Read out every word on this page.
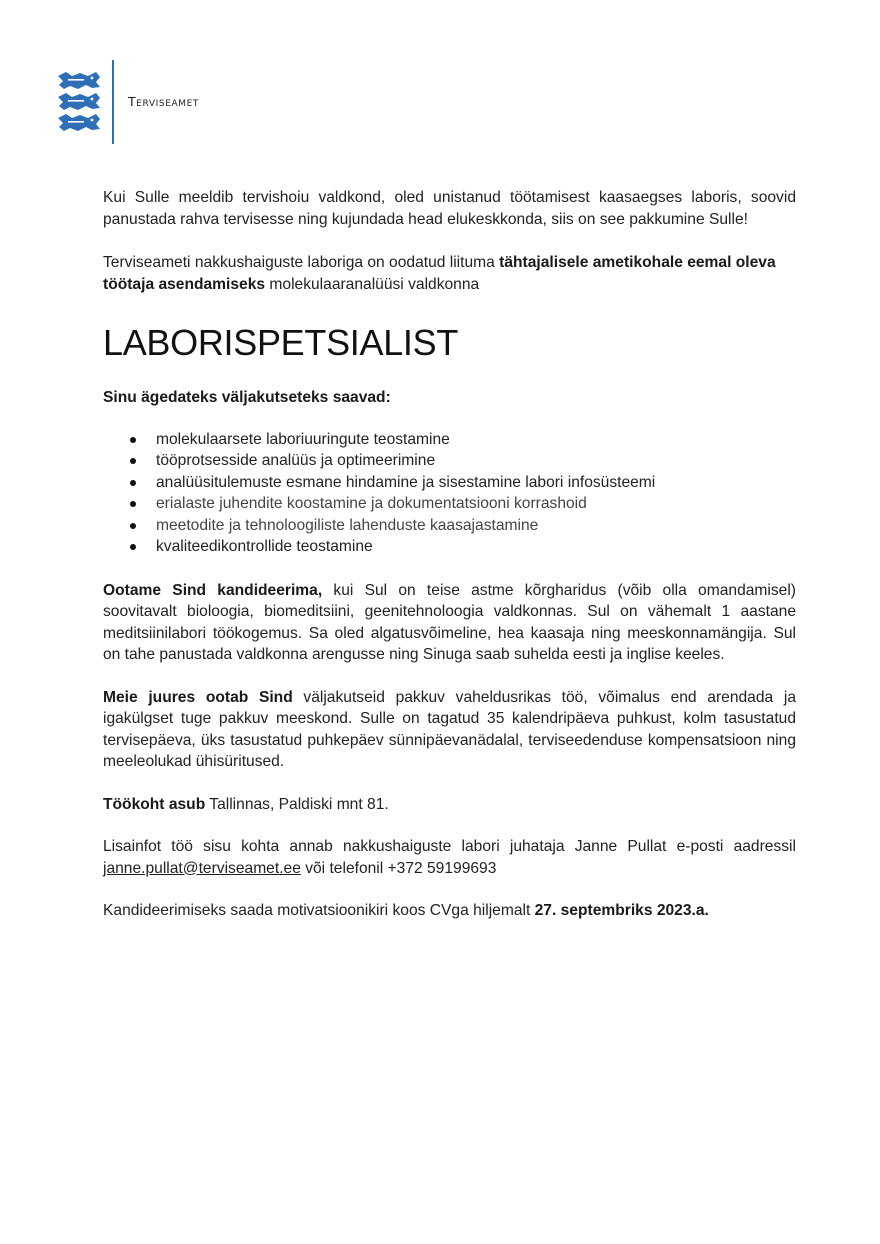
Terviseamet

Kui Sulle meeldib tervishoiu valdkond, oled unistanud töötamisest kaasaegses laboris, soovid panustada rahva tervisesse ning kujundada head elukeskkonda, siis on see pakkumine Sulle!

Terviseameti nakkushaiguste laboriga on oodatud liituma tähtajalisele ametikohale eemal oleva töötaja asendamiseks molekulaaranalüüsi valdkonna

LABORISPETSIALIST

Sinu ägedateks väljakutseteks saavad:

molekulaarsete laboriuuringute teostamine
tööprotsesside analüüs ja optimeerimine
analüüsitulemuste esmane hindamine ja sisestamine labori infosüsteemi
erialaste juhendite koostamine ja dokumentatsiooni korrashoid
meetodite ja tehnoloogiliste lahenduste kaasajastamine
kvaliteedikontrollide teostamine

Ootame Sind kandideerima, kui Sul on teise astme kõrgharidus (võib olla omandamisel) soovitavalt bioloogia, biomeditsiini, geenitehnoloogia valdkonnas. Sul on vähemalt 1 aastane meditsiinilabori töökogemus. Sa oled algatusvõimeline, hea kaasaja ning meeskonnamängija. Sul on tahe panustada valdkonna arengusse ning Sinuga saab suhelda eesti ja inglise keeles.

Meie juures ootab Sind väljakutseid pakkuv vaheldusrikas töö, võimalus end arendada ja igakülgset tuge pakkuv meeskond. Sulle on tagatud 35 kalendripäeva puhkust, kolm tasustatud tervisepäeva, üks tasustatud puhkepäev sünnipäevanädalal, terviseedenduse kompensatsioon ning meeleolukad ühisüritused.

Töökoht asub Tallinnas, Paldiski mnt 81.

Lisainfot töö sisu kohta annab nakkushaiguste labori juhataja Janne Pullat e-posti aadressil janne.pullat@terviseamet.ee või telefonil +372 59199693

Kandideerimiseks saada motivatsioonikiri koos CVga hiljemalt 27. septembriks 2023.a.
